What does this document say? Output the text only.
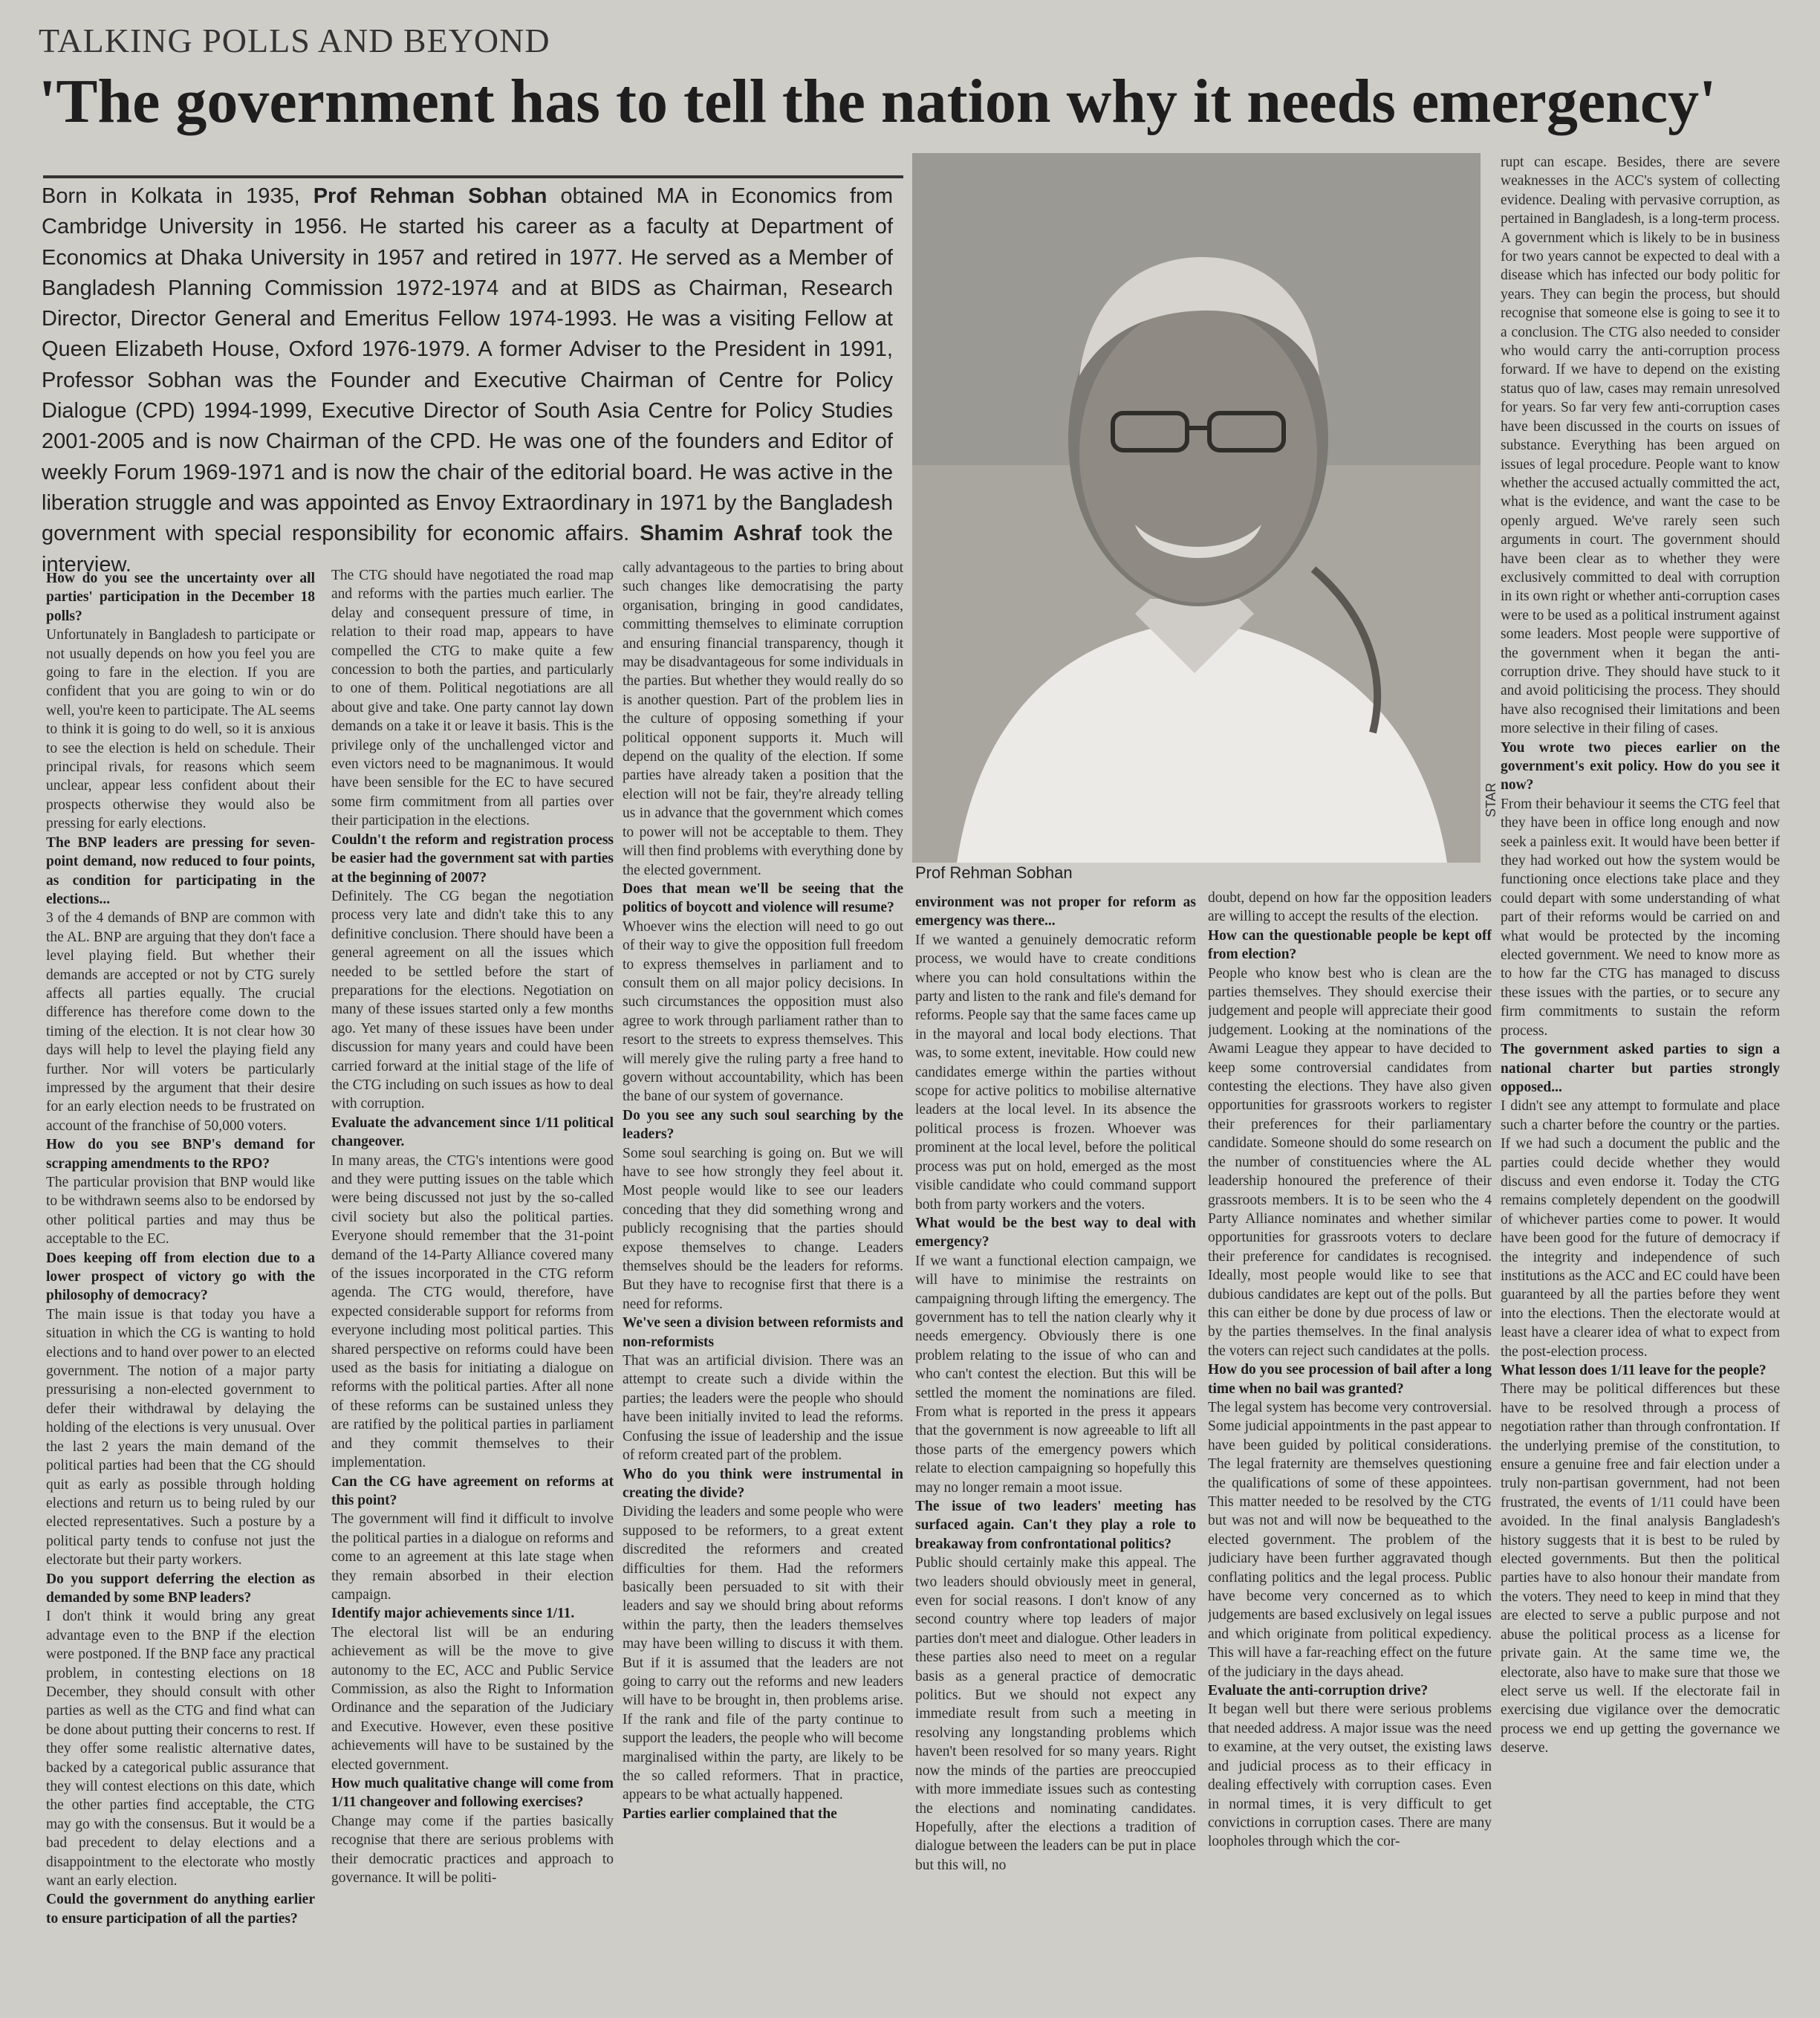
TALKING POLLS AND BEYOND
'The government has to tell the nation why it needs emergency'
Born in Kolkata in 1935, Prof Rehman Sobhan obtained MA in Economics from Cambridge University in 1956. He started his career as a faculty at Department of Economics at Dhaka University in 1957 and retired in 1977. He served as a Member of Bangladesh Planning Commission 1972-1974 and at BIDS as Chairman, Research Director, Director General and Emeritus Fellow 1974-1993. He was a visiting Fellow at Queen Elizabeth House, Oxford 1976-1979. A former Adviser to the President in 1991, Professor Sobhan was the Founder and Executive Chairman of Centre for Policy Dialogue (CPD) 1994-1999, Executive Director of South Asia Centre for Policy Studies 2001-2005 and is now Chairman of the CPD. He was one of the founders and Editor of weekly Forum 1969-1971 and is now the chair of the editorial board. He was active in the liberation struggle and was appointed as Envoy Extraordinary in 1971 by the Bangladesh government with special responsibility for economic affairs. Shamim Ashraf took the interview.
STAR
Prof Rehman Sobhan

How do you see the uncertainty over all parties' participation in the December 18 polls?

Unfortunately in Bangladesh to participate or not usually depends on how you feel you are going to fare in the election. If you are confident that you are going to win or do well, you're keen to participate. The AL seems to think it is going to do well, so it is anxious to see the election is held on schedule. Their principal rivals, for reasons which seem unclear, appear less confident about their prospects otherwise they would also be pressing for early elections.

The BNP leaders are pressing for seven-point demand, now reduced to four points, as condition for participating in the elections...

3 of the 4 demands of BNP are common with the AL. BNP are arguing that they don't face a level playing field. But whether their demands are accepted or not by CTG surely affects all parties equally. The crucial difference has therefore come down to the timing of the election. It is not clear how 30 days will help to level the playing field any further. Nor will voters be particularly impressed by the argument that their desire for an early election needs to be frustrated on account of the franchise of 50,000 voters.

How do you see BNP's demand for scrapping amendments to the RPO?

The particular provision that BNP would like to be withdrawn seems also to be endorsed by other political parties and may thus be acceptable to the EC.

Does keeping off from election due to a lower prospect of victory go with the philosophy of democracy?

The main issue is that today you have a situation in which the CG is wanting to hold elections and to hand over power to an elected government. The notion of a major party pressurising a non-elected government to defer their withdrawal by delaying the holding of the elections is very unusual. Over the last 2 years the main demand of the political parties had been that the CG should quit as early as possible through holding elections and return us to being ruled by our elected representatives. Such a posture by a political party tends to confuse not just the electorate but their party workers.

Do you support deferring the election as demanded by some BNP leaders?

I don't think it would bring any great advantage even to the BNP if the election were postponed. If the BNP face any practical problem, in contesting elections on 18 December, they should consult with other parties as well as the CTG and find what can be done about putting their concerns to rest. If they offer some realistic alternative dates, backed by a categorical public assurance that they will contest elections on this date, which the other parties find acceptable, the CTG may go with the consensus. But it would be a bad precedent to delay elections and a disappointment to the electorate who mostly want an early election.

Could the government do anything earlier to ensure participation of all the parties?

The CTG should have negotiated the road map and reforms with the parties much earlier. The delay and consequent pressure of time, in relation to their road map, appears to have compelled the CTG to make quite a few concession to both the parties, and particularly to one of them. Political negotiations are all about give and take. One party cannot lay down demands on a take it or leave it basis. This is the privilege only of the unchallenged victor and even victors need to be magnanimous. It would have been sensible for the EC to have secured some firm commitment from all parties over their participation in the elections.

Couldn't the reform and registration process be easier had the government sat with parties at the beginning of 2007?

Definitely. The CG began the negotiation process very late and didn't take this to any definitive conclusion. There should have been a general agreement on all the issues which needed to be settled before the start of preparations for the elections. Negotiation on many of these issues started only a few months ago. Yet many of these issues have been under discussion for many years and could have been carried forward at the initial stage of the life of the CTG including on such issues as how to deal with corruption.

Evaluate the advancement since 1/11 political changeover.

In many areas, the CTG's intentions were good and they were putting issues on the table which were being discussed not just by the so-called civil society but also the political parties. Everyone should remember that the 31-point demand of the 14-Party Alliance covered many of the issues incorporated in the CTG reform agenda. The CTG would, therefore, have expected considerable support for reforms from everyone including most political parties. This shared perspective on reforms could have been used as the basis for initiating a dialogue on reforms with the political parties. After all none of these reforms can be sustained unless they are ratified by the political parties in parliament and they commit themselves to their implementation.

Can the CG have agreement on reforms at this point?

The government will find it difficult to involve the political parties in a dialogue on reforms and come to an agreement at this late stage when they remain absorbed in their election campaign.

Identify major achievements since 1/11.

The electoral list will be an enduring achievement as will be the move to give autonomy to the EC, ACC and Public Service Commission, as also the Right to Information Ordinance and the separation of the Judiciary and Executive. However, even these positive achievements will have to be sustained by the elected government.

How much qualitative change will come from 1/11 changeover and following exercises?

Change may come if the parties basically recognise that there are serious problems with their democratic practices and approach to governance. It will be politi-

cally advantageous to the parties to bring about such changes like democratising the party organisation, bringing in good candidates, committing themselves to eliminate corruption and ensuring financial transparency, though it may be disadvantageous for some individuals in the parties. But whether they would really do so is another question. Part of the problem lies in the culture of opposing something if your political opponent supports it. Much will depend on the quality of the election. If some parties have already taken a position that the election will not be fair, they're already telling us in advance that the government which comes to power will not be acceptable to them. They will then find problems with everything done by the elected government.

Does that mean we'll be seeing that the politics of boycott and violence will resume?

Whoever wins the election will need to go out of their way to give the opposition full freedom to express themselves in parliament and to consult them on all major policy decisions. In such circumstances the opposition must also agree to work through parliament rather than to resort to the streets to express themselves. This will merely give the ruling party a free hand to govern without accountability, which has been the bane of our system of governance.

Do you see any such soul searching by the leaders?

Some soul searching is going on. But we will have to see how strongly they feel about it. Most people would like to see our leaders conceding that they did something wrong and publicly recognising that the parties should expose themselves to change. Leaders themselves should be the leaders for reforms. But they have to recognise first that there is a need for reforms.

We've seen a division between reformists and non-reformists

That was an artificial division. There was an attempt to create such a divide within the parties; the leaders were the people who should have been initially invited to lead the reforms. Confusing the issue of leadership and the issue of reform created part of the problem.

Who do you think were instrumental in creating the divide?

Dividing the leaders and some people who were supposed to be reformers, to a great extent discredited the reformers and created difficulties for them. Had the reformers basically been persuaded to sit with their leaders and say we should bring about reforms within the party, then the leaders themselves may have been willing to discuss it with them. But if it is assumed that the leaders are not going to carry out the reforms and new leaders will have to be brought in, then problems arise. If the rank and file of the party continue to support the leaders, the people who will become marginalised within the party, are likely to be the so called reformers. That in practice, appears to be what actually happened.

Parties earlier complained that the

environment was not proper for reform as emergency was there...

If we wanted a genuinely democratic reform process, we would have to create conditions where you can hold consultations within the party and listen to the rank and file's demand for reforms. People say that the same faces came up in the mayoral and local body elections. That was, to some extent, inevitable. How could new candidates emerge within the parties without scope for active politics to mobilise alternative leaders at the local level. In its absence the political process is frozen. Whoever was prominent at the local level, before the political process was put on hold, emerged as the most visible candidate who could command support both from party workers and the voters.

What would be the best way to deal with emergency?

If we want a functional election campaign, we will have to minimise the restraints on campaigning through lifting the emergency. The government has to tell the nation clearly why it needs emergency. Obviously there is one problem relating to the issue of who can and who can't contest the election. But this will be settled the moment the nominations are filed. From what is reported in the press it appears that the government is now agreeable to lift all those parts of the emergency powers which relate to election campaigning so hopefully this may no longer remain a moot issue.

The issue of two leaders' meeting has surfaced again. Can't they play a role to breakaway from confrontational politics?

Public should certainly make this appeal. The two leaders should obviously meet in general, even for social reasons. I don't know of any second country where top leaders of major parties don't meet and dialogue. Other leaders in these parties also need to meet on a regular basis as a general practice of democratic politics. But we should not expect any immediate result from such a meeting in resolving any longstanding problems which haven't been resolved for so many years. Right now the minds of the parties are preoccupied with more immediate issues such as contesting the elections and nominating candidates. Hopefully, after the elections a tradition of dialogue between the leaders can be put in place but this will, no

doubt, depend on how far the opposition leaders are willing to accept the results of the election.

How can the questionable people be kept off from election?

People who know best who is clean are the parties themselves. They should exercise their judgement and people will appreciate their good judgement. Looking at the nominations of the Awami League they appear to have decided to keep some controversial candidates from contesting the elections. They have also given opportunities for grassroots workers to register their preferences for their parliamentary candidate. Someone should do some research on the number of constituencies where the AL leadership honoured the preference of their grassroots members. It is to be seen who the 4 Party Alliance nominates and whether similar opportunities for grassroots voters to declare their preference for candidates is recognised. Ideally, most people would like to see that dubious candidates are kept out of the polls. But this can either be done by due process of law or by the parties themselves. In the final analysis the voters can reject such candidates at the polls.

How do you see procession of bail after a long time when no bail was granted?

The legal system has become very controversial. Some judicial appointments in the past appear to have been guided by political considerations. The legal fraternity are themselves questioning the qualifications of some of these appointees. This matter needed to be resolved by the CTG but was not and will now be bequeathed to the elected government. The problem of the judiciary have been further aggravated though conflating politics and the legal process. Public have become very concerned as to which judgements are based exclusively on legal issues and which originate from political expediency. This will have a far-reaching effect on the future of the judiciary in the days ahead.

Evaluate the anti-corruption drive?

It began well but there were serious problems that needed address. A major issue was the need to examine, at the very outset, the existing laws and judicial process as to their efficacy in dealing effectively with corruption cases. Even in normal times, it is very difficult to get convictions in corruption cases. There are many loopholes through which the cor-

rupt can escape. Besides, there are severe weaknesses in the ACC's system of collecting evidence. Dealing with pervasive corruption, as pertained in Bangladesh, is a long-term process. A government which is likely to be in business for two years cannot be expected to deal with a disease which has infected our body politic for years. They can begin the process, but should recognise that someone else is going to see it to a conclusion. The CTG also needed to consider who would carry the anti-corruption process forward. If we have to depend on the existing status quo of law, cases may remain unresolved for years. So far very few anti-corruption cases have been discussed in the courts on issues of substance. Everything has been argued on issues of legal procedure. People want to know whether the accused actually committed the act, what is the evidence, and want the case to be openly argued. We've rarely seen such arguments in court. The government should have been clear as to whether they were exclusively committed to deal with corruption in its own right or whether anti-corruption cases were to be used as a political instrument against some leaders. Most people were supportive of the government when it began the anti-corruption drive. They should have stuck to it and avoid politicising the process. They should have also recognised their limitations and been more selective in their filing of cases.

You wrote two pieces earlier on the government's exit policy. How do you see it now?

From their behaviour it seems the CTG feel that they have been in office long enough and now seek a painless exit. It would have been better if they had worked out how the system would be functioning once elections take place and they could depart with some understanding of what part of their reforms would be carried on and what would be protected by the incoming elected government. We need to know more as to how far the CTG has managed to discuss these issues with the parties, or to secure any firm commitments to sustain the reform process.

The government asked parties to sign a national charter but parties strongly opposed...

I didn't see any attempt to formulate and place such a charter before the country or the parties. If we had such a document the public and the parties could decide whether they would discuss and even endorse it. Today the CTG remains completely dependent on the goodwill of whichever parties come to power. It would have been good for the future of democracy if the integrity and independence of such institutions as the ACC and EC could have been guaranteed by all the parties before they went into the elections. Then the electorate would at least have a clearer idea of what to expect from the post-election process.

What lesson does 1/11 leave for the people?

There may be political differences but these have to be resolved through a process of negotiation rather than through confrontation. If the underlying premise of the constitution, to ensure a genuine free and fair election under a truly non-partisan government, had not been frustrated, the events of 1/11 could have been avoided. In the final analysis Bangladesh's history suggests that it is best to be ruled by elected governments. But then the political parties have to also honour their mandate from the voters. They need to keep in mind that they are elected to serve a public purpose and not abuse the political process as a license for private gain. At the same time we, the electorate, also have to make sure that those we elect serve us well. If the electorate fail in exercising due vigilance over the democratic process we end up getting the governance we deserve.
